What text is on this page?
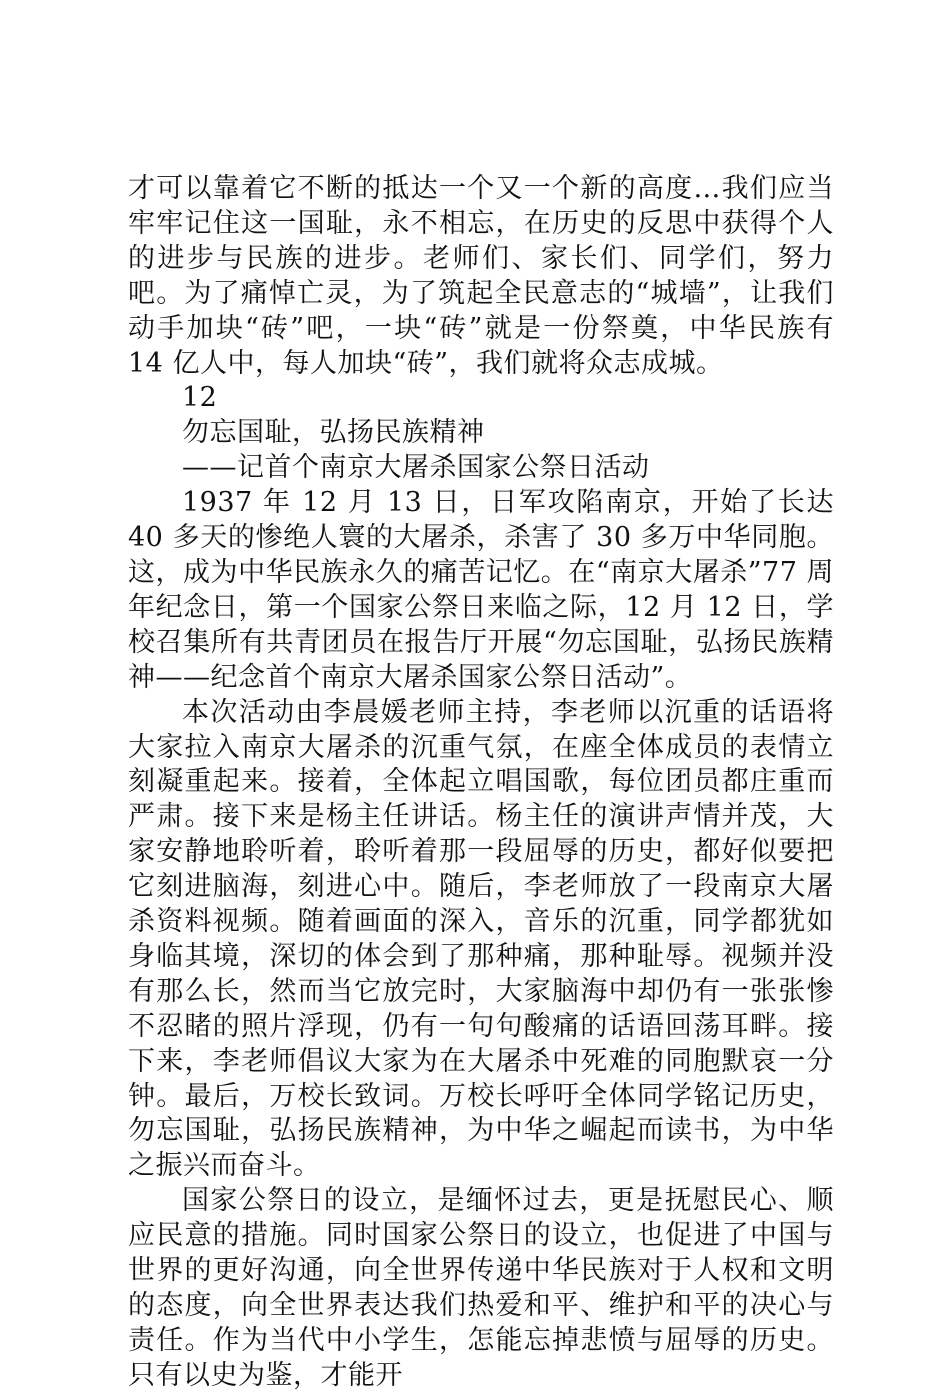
才可以靠着它不断的抵达一个又一个新的高度…我们应当牢牢记住这一国耻，永不相忘，在历史的反思中获得个人的进步与民族的进步。老师们、家长们、同学们，努力吧。为了痛悼亡灵，为了筑起全民意志的“城墙”，让我们动手加块“砖”吧，一块“砖”就是一份祭奠，中华民族有 14 亿人中，每人加块“砖”，我们就将众志成城。

12

勿忘国耻，弘扬民族精神

——记首个南京大屠杀国家公祭日活动

1937 年 12 月 13 日，日军攻陷南京，开始了长达 40 多天的惨绝人寰的大屠杀，杀害了 30 多万中华同胞。这，成为中华民族永久的痛苦记忆。在“南京大屠杀”77 周年纪念日，第一个国家公祭日来临之际，12 月 12 日，学校召集所有共青团员在报告厅开展“勿忘国耻，弘扬民族精神——纪念首个南京大屠杀国家公祭日活动”。

本次活动由李晨媛老师主持，李老师以沉重的话语将大家拉入南京大屠杀的沉重气氛，在座全体成员的表情立刻凝重起来。接着，全体起立唱国歌，每位团员都庄重而严肃。接下来是杨主任讲话。杨主任的演讲声情并茂，大家安静地聆听着，聆听着那一段屈辱的历史，都好似要把它刻进脑海，刻进心中。随后，李老师放了一段南京大屠杀资料视频。随着画面的深入，音乐的沉重，同学都犹如身临其境，深切的体会到了那种痛，那种耻辱。视频并没有那么长，然而当它放完时，大家脑海中却仍有一张张惨不忍睹的照片浮现，仍有一句句酸痛的话语回荡耳畔。接下来，李老师倡议大家为在大屠杀中死难的同胞默哀一分钟。最后，万校长致词。万校长呼吁全体同学铭记历史，勿忘国耻，弘扬民族精神，为中华之崛起而读书，为中华之振兴而奋斗。

国家公祭日的设立，是缅怀过去，更是抚慰民心、顺应民意的措施。同时国家公祭日的设立，也促进了中国与世界的更好沟通，向全世界传递中华民族对于人权和文明的态度，向全世界表达我们热爱和平、维护和平的决心与责任。作为当代中小学生，怎能忘掉悲愤与屈辱的历史。只有以史为鉴，才能开
